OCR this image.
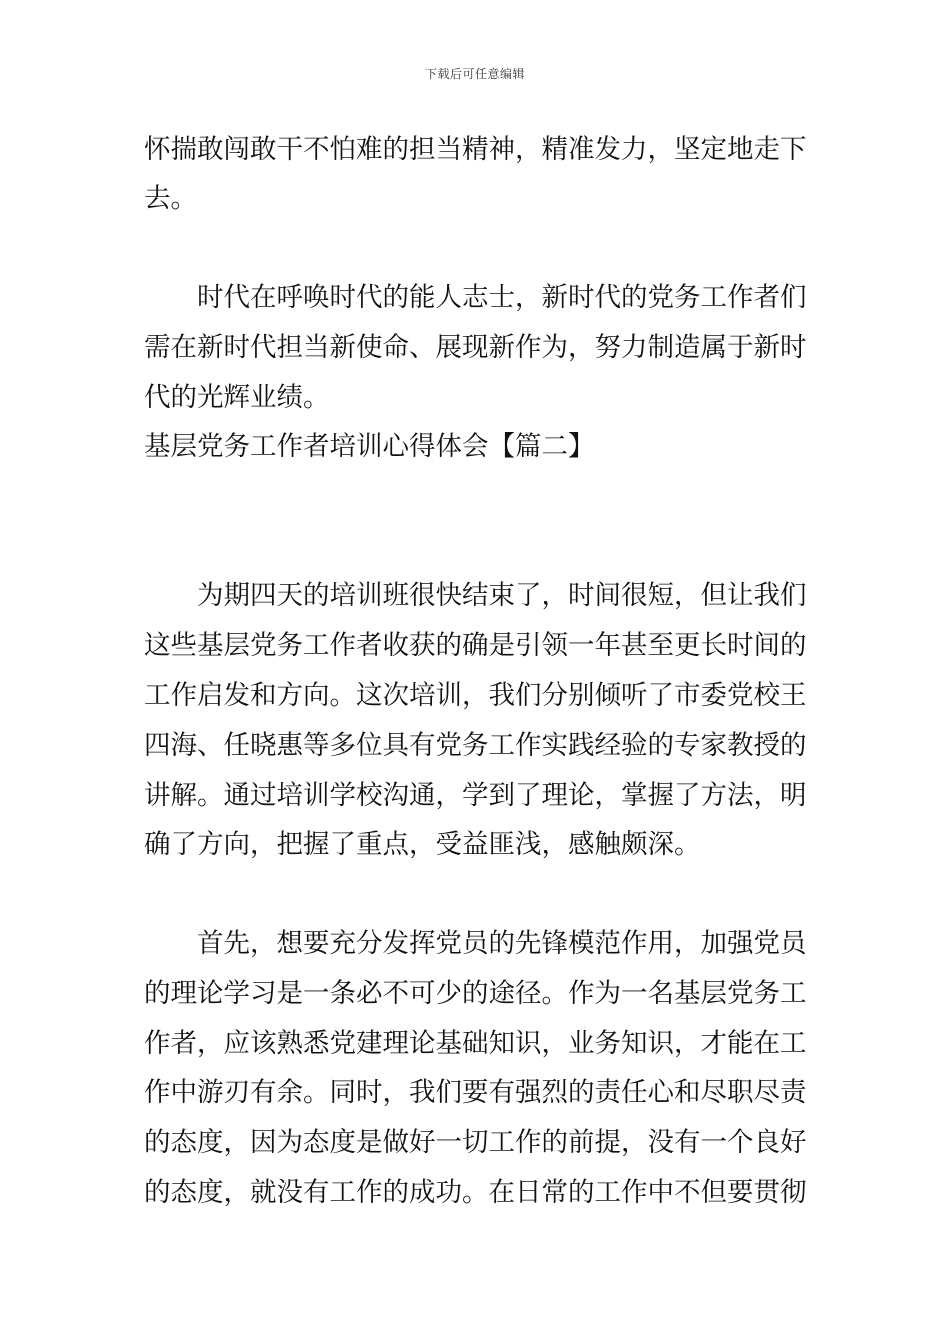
下载后可任意编辑
怀揣敢闯敢干不怕难的担当精神，精准发力，坚定地走下
去。
　　时代在呼唤时代的能人志士，新时代的党务工作者们
需在新时代担当新使命、展现新作为，努力制造属于新时
代的光辉业绩。
基层党务工作者培训心得体会【篇二】
　　为期四天的培训班很快结束了，时间很短，但让我们
这些基层党务工作者收获的确是引领一年甚至更长时间的
工作启发和方向。这次培训，我们分别倾听了市委党校王
四海、任晓惠等多位具有党务工作实践经验的专家教授的
讲解。通过培训学校沟通，学到了理论，掌握了方法，明
确了方向，把握了重点，受益匪浅，感触颇深。
　　首先，想要充分发挥党员的先锋模范作用，加强党员
的理论学习是一条必不可少的途径。作为一名基层党务工
作者，应该熟悉党建理论基础知识，业务知识，才能在工
作中游刃有余。同时，我们要有强烈的责任心和尽职尽责
的态度，因为态度是做好一切工作的前提，没有一个良好
的态度，就没有工作的成功。在日常的工作中不但要贯彻
